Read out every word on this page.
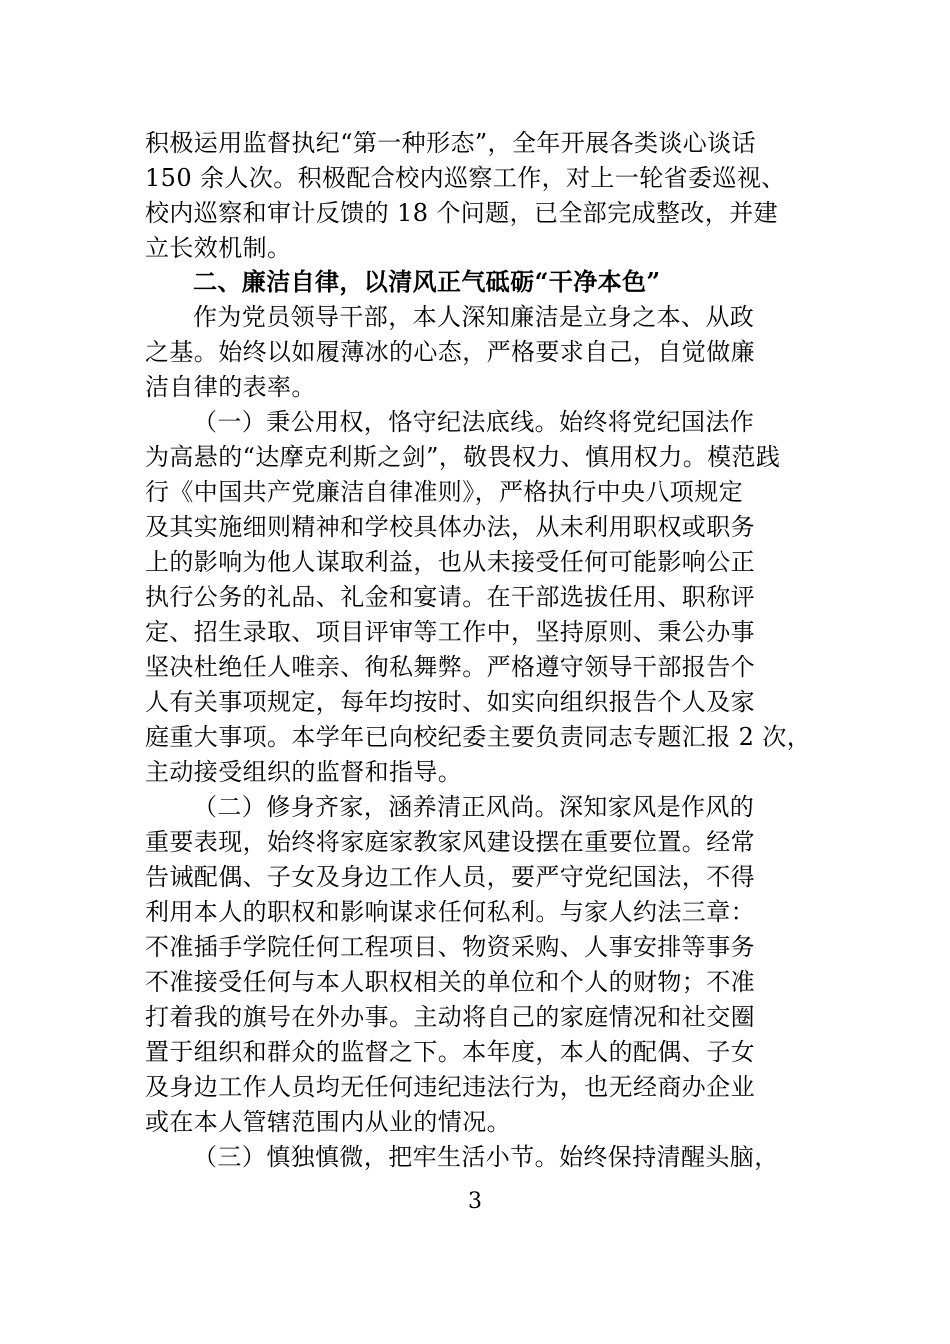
积极运用监督执纪“第一种形态”，全年开展各类谈心谈话
150 余人次。积极配合校内巡察工作，对上一轮省委巡视、
校内巡察和审计反馈的 18 个问题，已全部完成整改，并建
立长效机制。
二、廉洁自律，以清风正气砥砺“干净本色”
作为党员领导干部，本人深知廉洁是立身之本、从政
之基。始终以如履薄冰的心态，严格要求自己，自觉做廉
洁自律的表率。
（一）秉公用权，恪守纪法底线。始终将党纪国法作
为高悬的“达摩克利斯之剑”，敬畏权力、慎用权力。模范践
行《中国共产党廉洁自律准则》，严格执行中央八项规定
及其实施细则精神和学校具体办法，从未利用职权或职务
上的影响为他人谋取利益，也从未接受任何可能影响公正
执行公务的礼品、礼金和宴请。在干部选拔任用、职称评
定、招生录取、项目评审等工作中，坚持原则、秉公办事
坚决杜绝任人唯亲、徇私舞弊。严格遵守领导干部报告个
人有关事项规定，每年均按时、如实向组织报告个人及家
庭重大事项。本学年已向校纪委主要负责同志专题汇报 2 次，
主动接受组织的监督和指导。
（二）修身齐家，涵养清正风尚。深知家风是作风的
重要表现，始终将家庭家教家风建设摆在重要位置。经常
告诫配偶、子女及身边工作人员，要严守党纪国法，不得
利用本人的职权和影响谋求任何私利。与家人约法三章：
不准插手学院任何工程项目、物资采购、人事安排等事务
不准接受任何与本人职权相关的单位和个人的财物；不准
打着我的旗号在外办事。主动将自己的家庭情况和社交圈
置于组织和群众的监督之下。本年度，本人的配偶、子女
及身边工作人员均无任何违纪违法行为，也无经商办企业
或在本人管辖范围内从业的情况。
（三）慎独慎微，把牢生活小节。始终保持清醒头脑，
3
